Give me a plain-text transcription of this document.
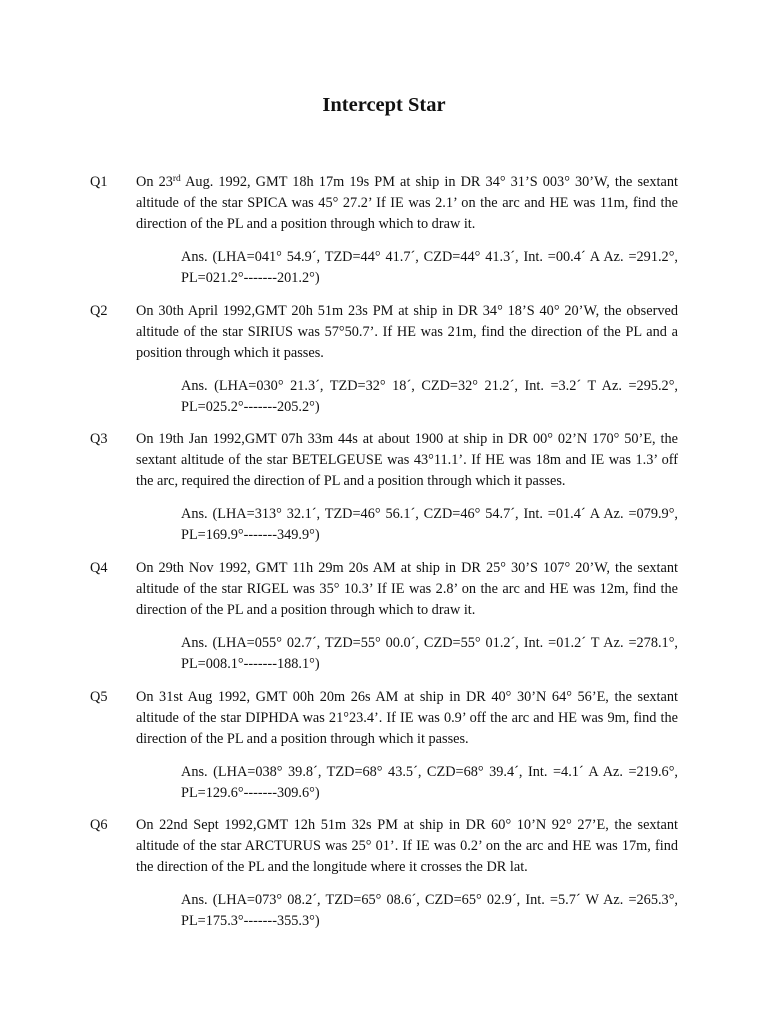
Intercept Star
Q1 On 23rd Aug. 1992, GMT 18h 17m 19s PM at ship in DR 34° 31’S 003° 30’W, the sextant altitude of the star SPICA was 45° 27.2’ If IE was 2.1’ on the arc and HE was 11m, find the direction of the PL and a position through which to draw it.
Ans. (LHA=041° 54.9´, TZD=44° 41.7´, CZD=44° 41.3´, Int. =00.4´ A Az. =291.2°, PL=021.2°-------201.2°)
Q2 On 30th April 1992,GMT 20h 51m 23s PM at ship in DR 34° 18’S 40° 20’W, the observed altitude of the star SIRIUS was 57°50.7’. If HE was 21m, find the direction of the PL and a position through which it passes.
Ans. (LHA=030° 21.3´, TZD=32° 18´, CZD=32° 21.2´, Int. =3.2´ T Az. =295.2°, PL=025.2°-------205.2°)
Q3 On 19th Jan 1992,GMT 07h 33m 44s at about 1900 at ship in DR 00° 02’N 170° 50’E, the sextant altitude of the star BETELGEUSE was 43°11.1’. If HE was 18m and IE was 1.3’ off the arc, required the direction of PL and a position through which it passes.
Ans. (LHA=313° 32.1´, TZD=46° 56.1´, CZD=46° 54.7´, Int. =01.4´ A Az. =079.9°, PL=169.9°-------349.9°)
Q4 On 29th Nov 1992, GMT 11h 29m 20s AM at ship in DR 25° 30’S 107° 20’W, the sextant altitude of the star RIGEL was 35° 10.3’ If IE was 2.8’ on the arc and HE was 12m, find the direction of the PL and a position through which to draw it.
Ans. (LHA=055° 02.7´, TZD=55° 00.0´, CZD=55° 01.2´, Int. =01.2´ T Az. =278.1°, PL=008.1°-------188.1°)
Q5 On 31st Aug 1992, GMT 00h 20m 26s AM at ship in DR 40° 30’N 64° 56’E, the sextant altitude of the star DIPHDA was 21°23.4’. If IE was 0.9’ off the arc and HE was 9m, find the direction of the PL and a position through which it passes.
Ans. (LHA=038° 39.8´, TZD=68° 43.5´, CZD=68° 39.4´, Int. =4.1´ A Az. =219.6°, PL=129.6°-------309.6°)
Q6 On 22nd Sept 1992,GMT 12h 51m 32s PM at ship in DR 60° 10’N 92° 27’E, the sextant altitude of the star ARCTURUS was 25° 01’. If IE was 0.2’ on the arc and HE was 17m, find the direction of the PL and the longitude where it crosses the DR lat.
Ans. (LHA=073° 08.2´, TZD=65° 08.6´, CZD=65° 02.9´, Int. =5.7´ W Az. =265.3°, PL=175.3°-------355.3°)
